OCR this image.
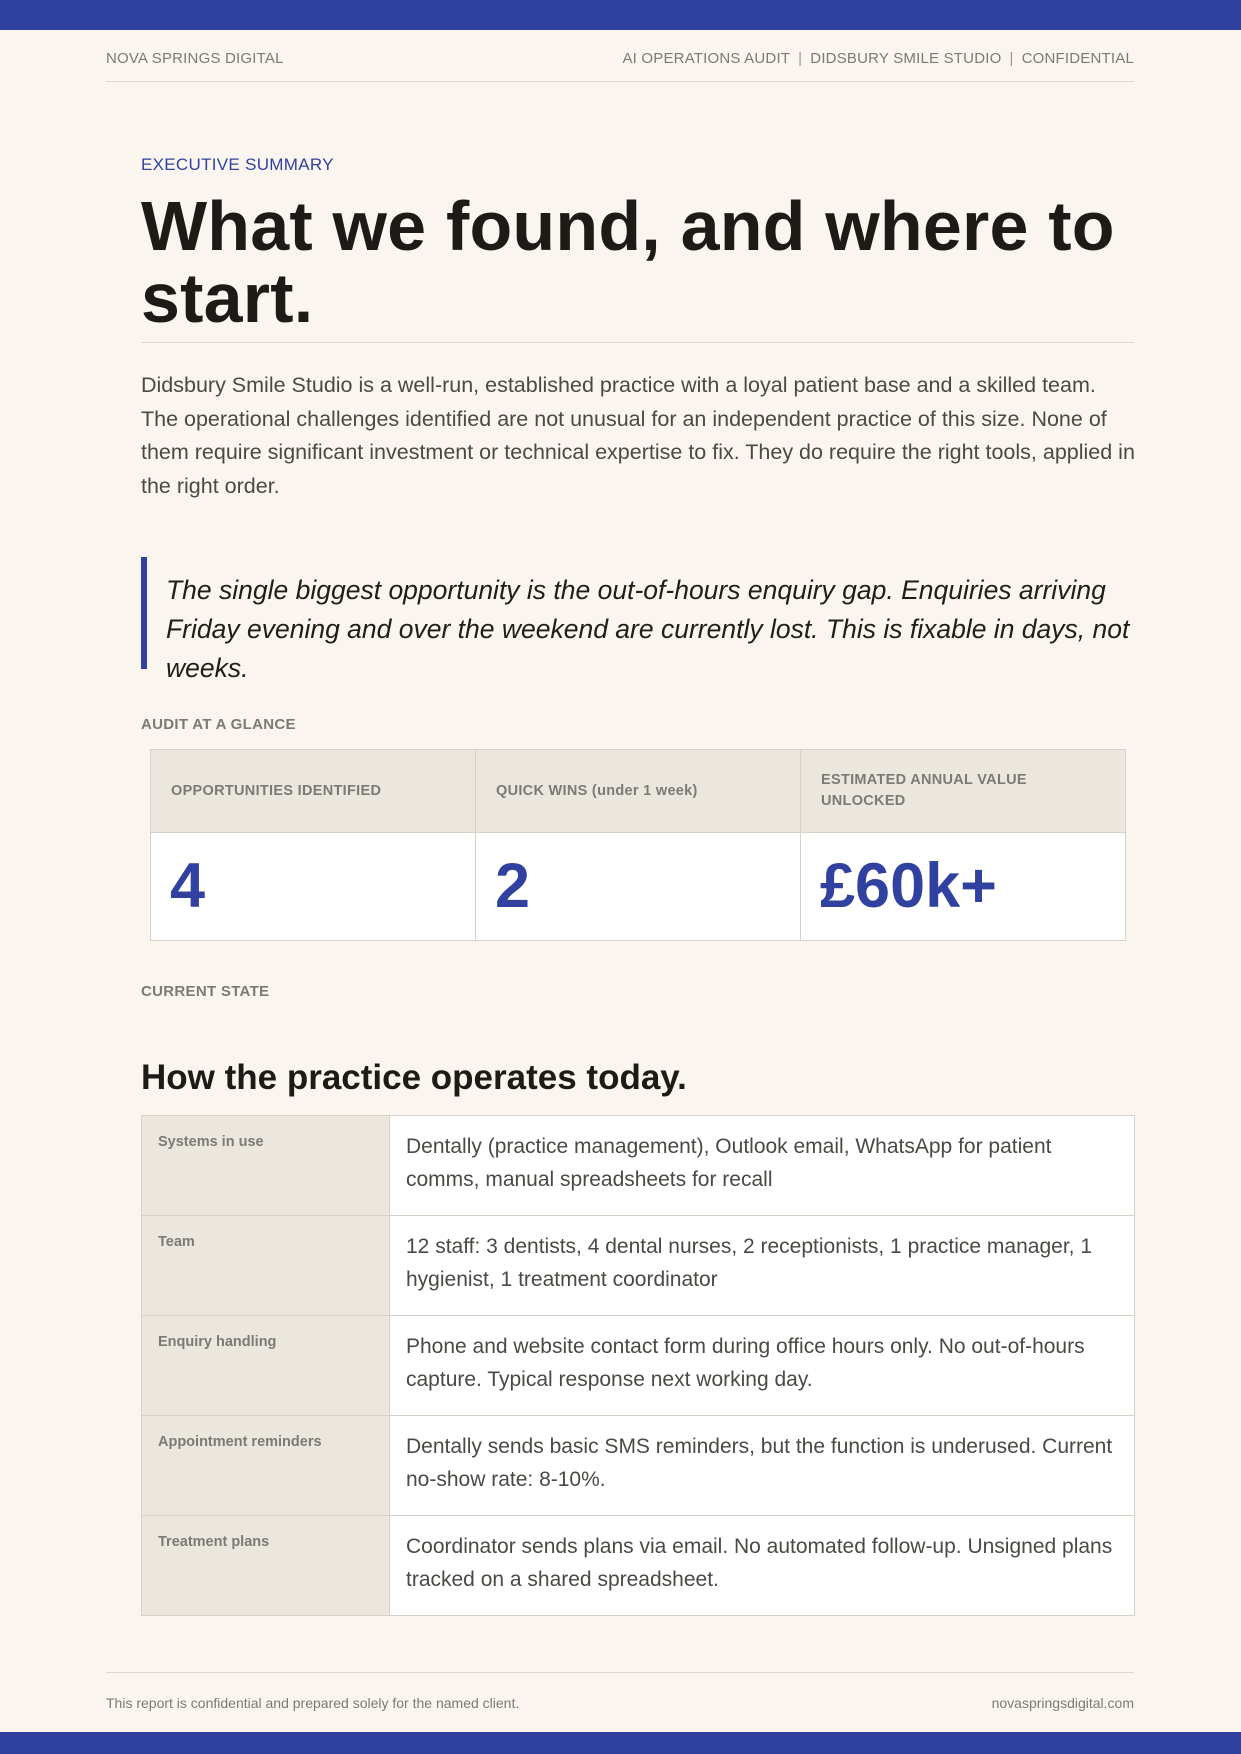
NOVA SPRINGS DIGITAL	AI OPERATIONS AUDIT | DIDSBURY SMILE STUDIO | CONFIDENTIAL
EXECUTIVE SUMMARY
What we found, and where to start.

Didsbury Smile Studio is a well-run, established practice with a loyal patient base and a skilled team. The operational challenges identified are not unusual for an independent practice of this size. None of them require significant investment or technical expertise to fix. They do require the right tools, applied in the right order.

The single biggest opportunity is the out-of-hours enquiry gap. Enquiries arriving Friday evening and over the weekend are currently lost. This is fixable in days, not weeks.

AUDIT AT A GLANCE
OPPORTUNITIES IDENTIFIED	QUICK WINS (under 1 week)	ESTIMATED ANNUAL VALUE UNLOCKED
4	2	£60k+
CURRENT STATE
How the practice operates today.
Systems in use	Dentally (practice management), Outlook email, WhatsApp for patient comms, manual spreadsheets for recall
Team	12 staff: 3 dentists, 4 dental nurses, 2 receptionists, 1 practice manager, 1 hygienist, 1 treatment coordinator
Enquiry handling	Phone and website contact form during office hours only. No out-of-hours capture. Typical response next working day.
Appointment reminders	Dentally sends basic SMS reminders, but the function is underused. Current no-show rate: 8-10%.
Treatment plans	Coordinator sends plans via email. No automated follow-up. Unsigned plans tracked on a shared spreadsheet.
This report is confidential and prepared solely for the named client.	novaspringsdigital.com
